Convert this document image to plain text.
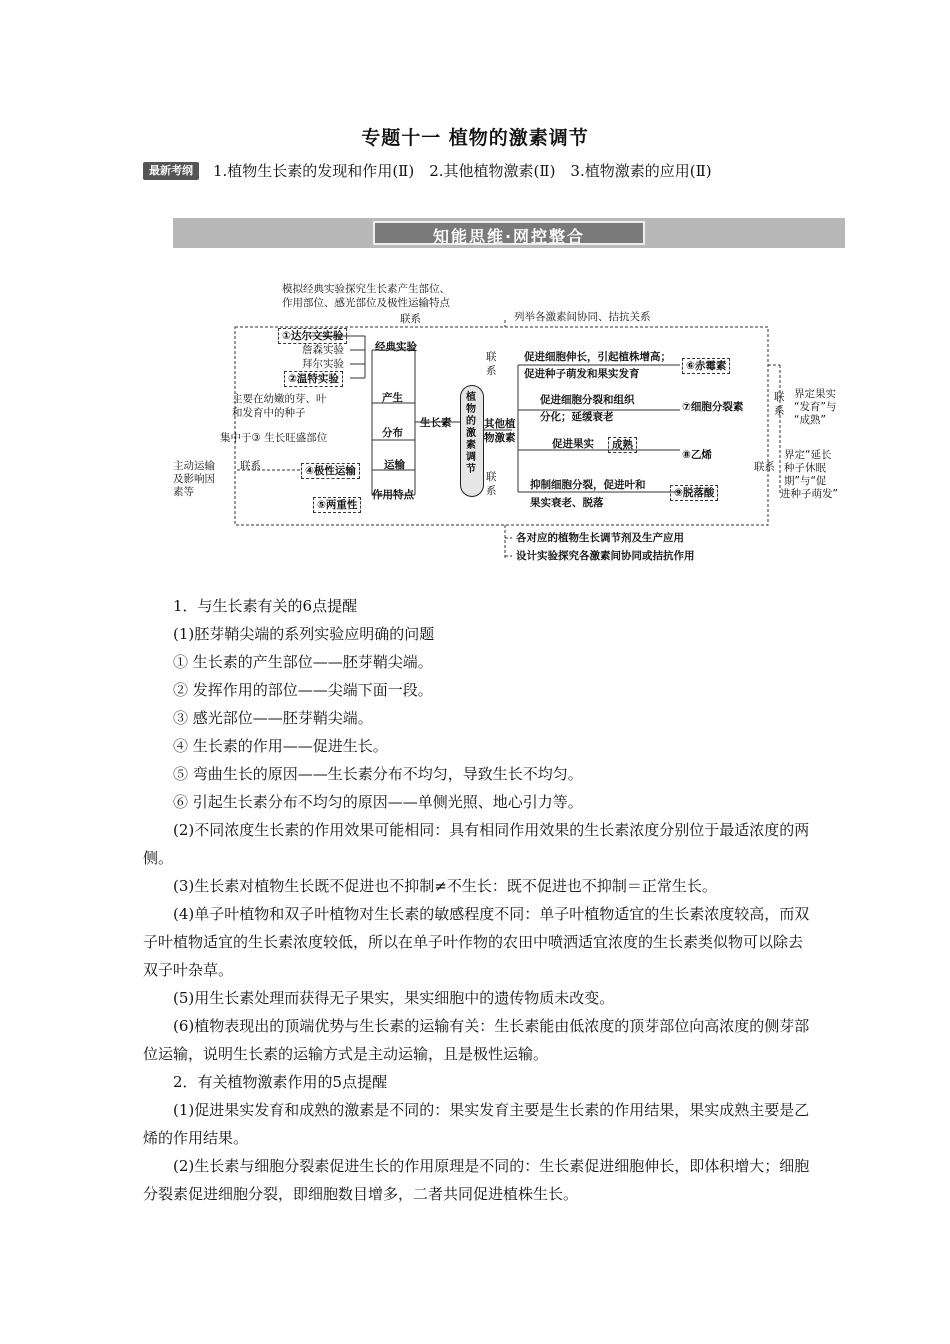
专题十一 植物的激素调节
最新考纲 1.植物生长素的发现和作用(Ⅱ)　2.其他植物激素(Ⅱ)　3.植物激素的应用(Ⅱ)
知能思维·网控整合
模拟经典实验探究生长素产生部位、
作用部位、感光部位及极性运输特点
联系	列举各激素间协同、拮抗关系
①达尔文实验
詹森实验
拜尔实验
②温特实验
经典实验
主要在幼嫩的芽、叶
和发育中的种子
产生
集中于③ 生长旺盛部位	分布
主动运输
及影响因
素等
联系	④极性运输	运输
⑤两重性
作用特点
生长素
植物的激素调节
其他植物激素
联系
联系
促进细胞伸长，引起植株增高；
促进种子萌发和果实发育
⑥赤霉素
促进细胞分裂和组织
分化；延缓衰老
⑦细胞分裂素
促进果实	成熟
⑧乙烯
抑制细胞分裂，促进叶和
果实衰老、脱落
⑨脱落酸
联系
界定果实
“发育”与
“成熟”
联系
界定“延长
种子休眠
期”与“促
进种子萌发”
各对应的植物生长调节剂及生产应用
设计实验探究各激素间协同或拮抗作用

1．与生长素有关的6点提醒

(1)胚芽鞘尖端的系列实验应明确的问题

① 生长素的产生部位——胚芽鞘尖端。

② 发挥作用的部位——尖端下面一段。

③ 感光部位——胚芽鞘尖端。

④ 生长素的作用——促进生长。

⑤ 弯曲生长的原因——生长素分布不均匀，导致生长不均匀。

⑥ 引起生长素分布不均匀的原因——单侧光照、地心引力等。

(2)不同浓度生长素的作用效果可能相同：具有相同作用效果的生长素浓度分别位于最适浓度的两侧。

(3)生长素对植物生长既不促进也不抑制≠不生长：既不促进也不抑制＝正常生长。

(4)单子叶植物和双子叶植物对生长素的敏感程度不同：单子叶植物适宜的生长素浓度较高，而双子叶植物适宜的生长素浓度较低，所以在单子叶作物的农田中喷洒适宜浓度的生长素类似物可以除去双子叶杂草。

(5)用生长素处理而获得无子果实，果实细胞中的遗传物质未改变。

(6)植物表现出的顶端优势与生长素的运输有关：生长素能由低浓度的顶芽部位向高浓度的侧芽部位运输，说明生长素的运输方式是主动运输，且是极性运输。

2．有关植物激素作用的5点提醒

(1)促进果实发育和成熟的激素是不同的：果实发育主要是生长素的作用结果，果实成熟主要是乙烯的作用结果。

(2)生长素与细胞分裂素促进生长的作用原理是不同的：生长素促进细胞伸长，即体积增大；细胞分裂素促进细胞分裂，即细胞数目增多，二者共同促进植株生长。
